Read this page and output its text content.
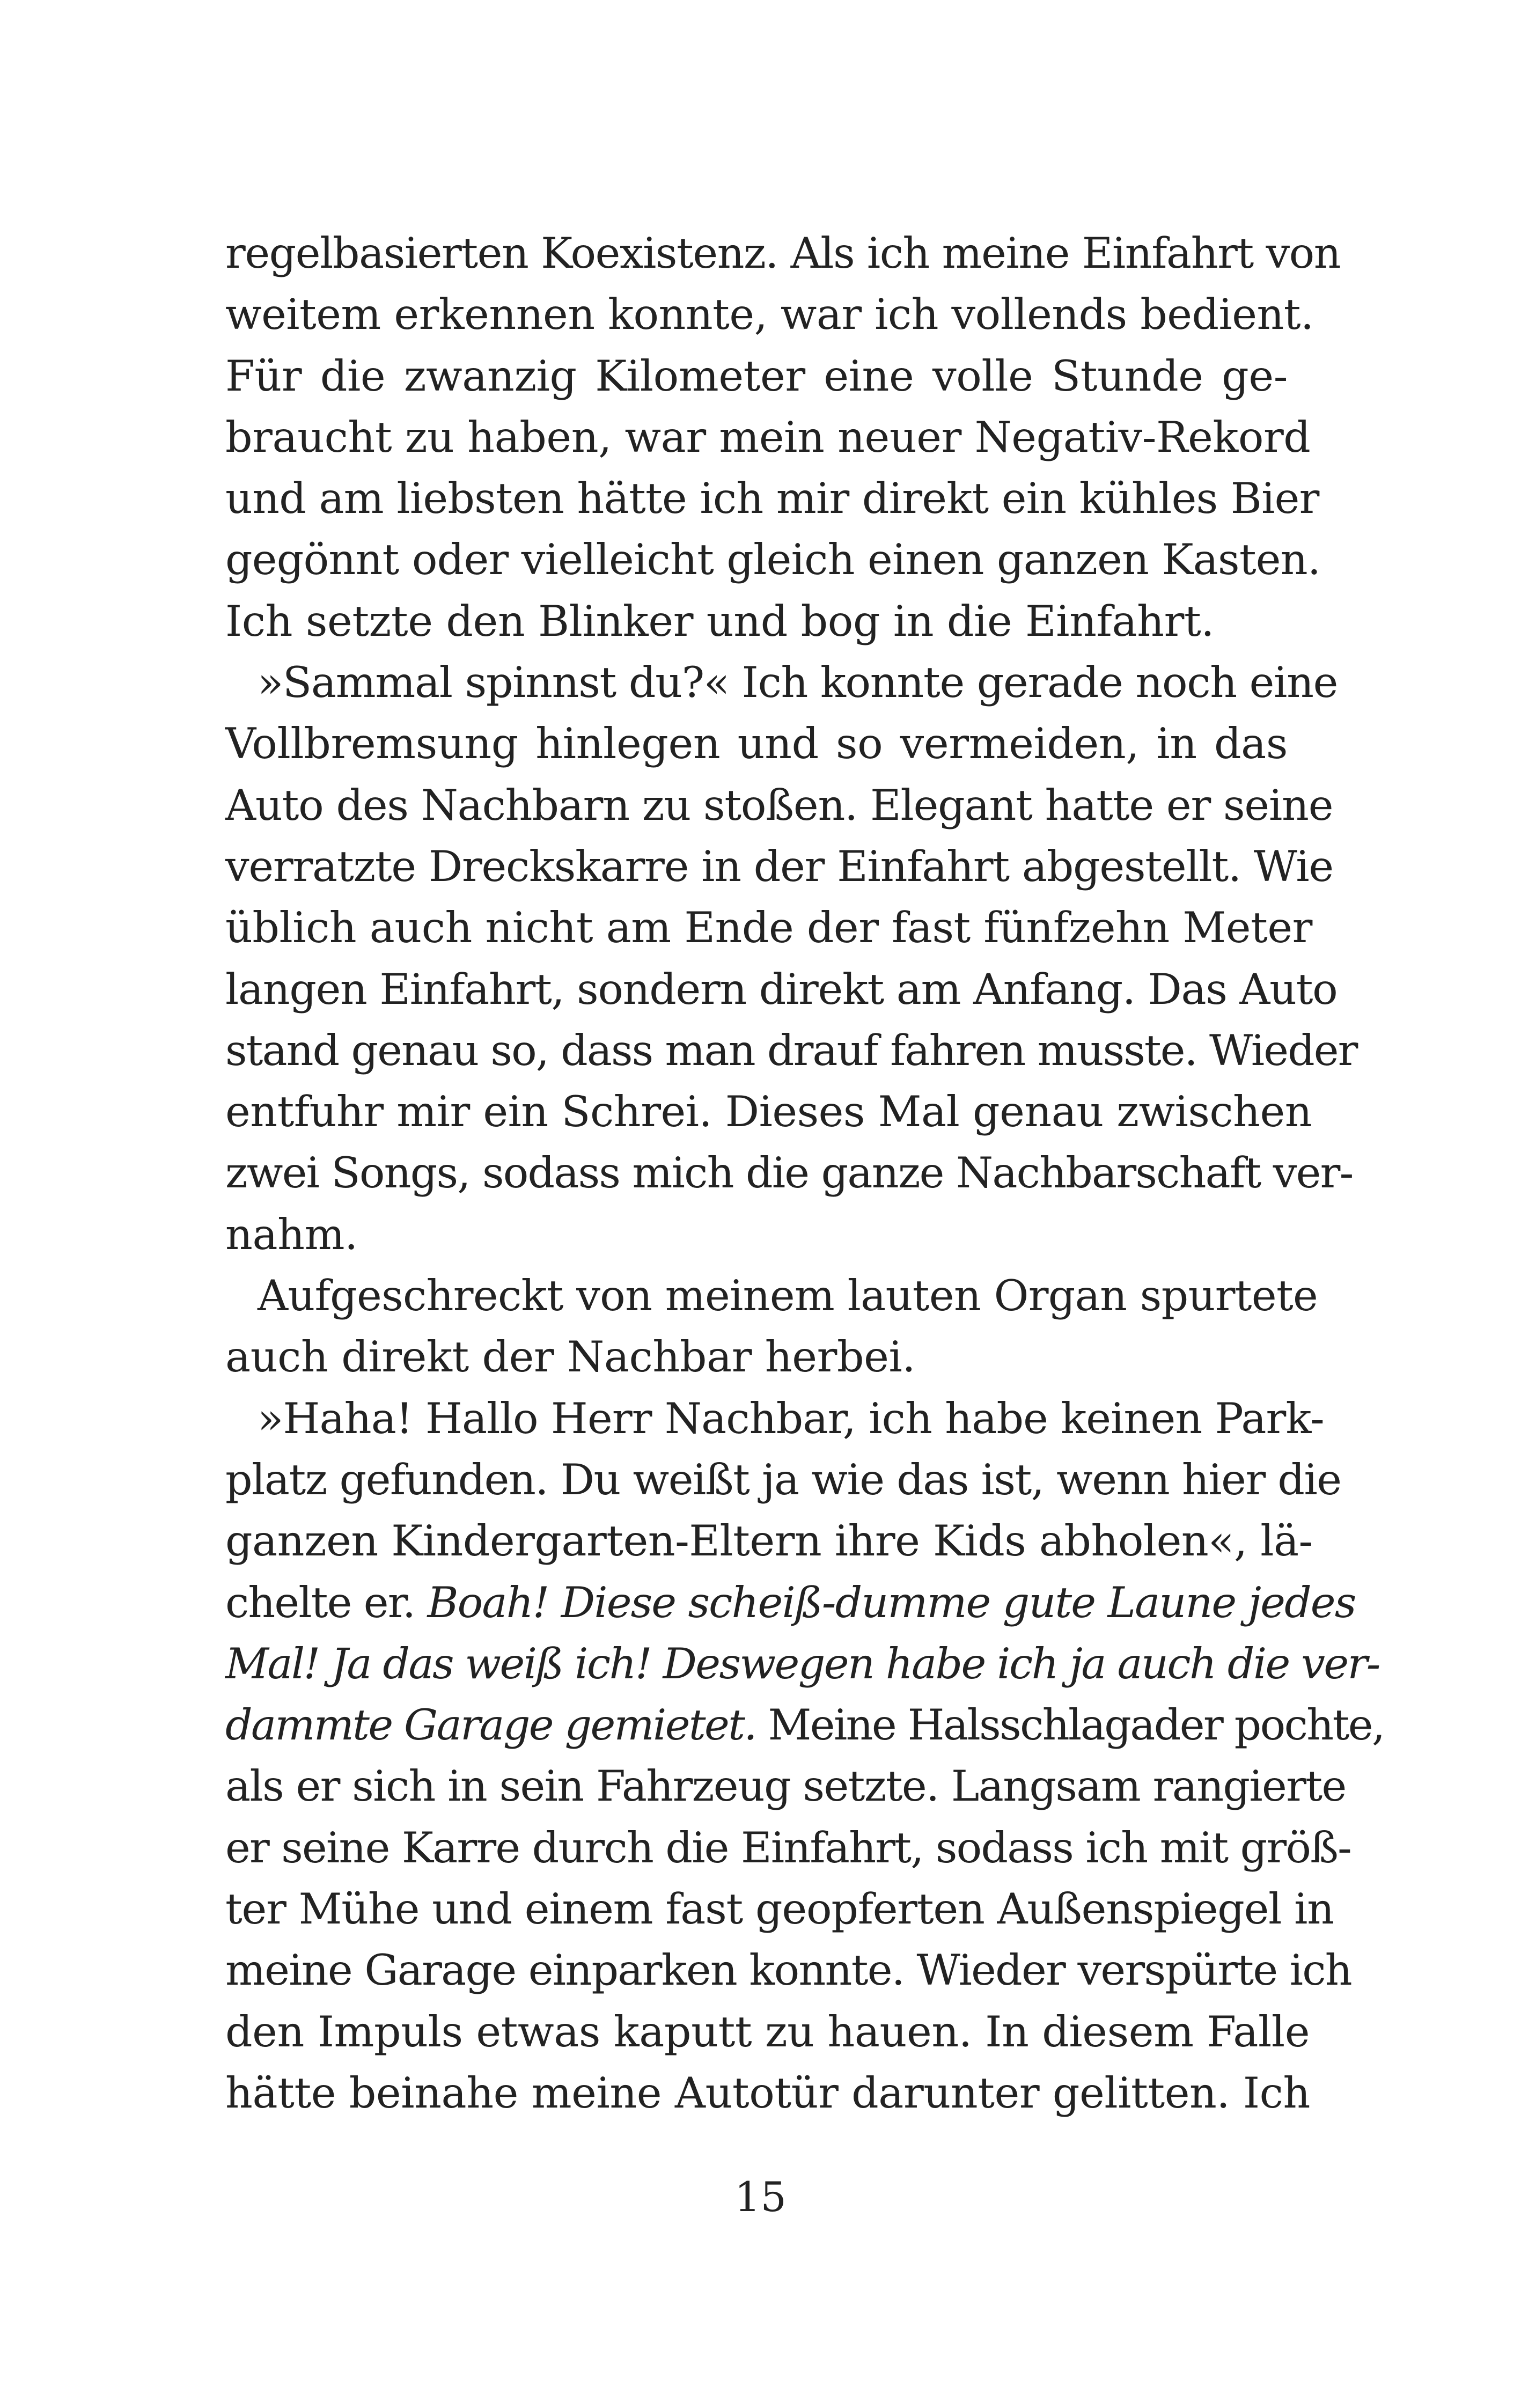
regelbasierten Koexistenz. Als ich meine Einfahrt von
weitem erkennen konnte, war ich vollends bedient.
Für die zwanzig Kilometer eine volle Stunde ge-
braucht zu haben, war mein neuer Negativ-Rekord
und am liebsten hätte ich mir direkt ein kühles Bier
gegönnt oder vielleicht gleich einen ganzen Kasten.
Ich setzte den Blinker und bog in die Einfahrt.
»Sammal spinnst du?« Ich konnte gerade noch eine
Vollbremsung hinlegen und so vermeiden, in das
Auto des Nachbarn zu stoßen. Elegant hatte er seine
verratzte Dreckskarre in der Einfahrt abgestellt. Wie
üblich auch nicht am Ende der fast fünfzehn Meter
langen Einfahrt, sondern direkt am Anfang. Das Auto
stand genau so, dass man drauf fahren musste. Wieder
entfuhr mir ein Schrei. Dieses Mal genau zwischen
zwei Songs, sodass mich die ganze Nachbarschaft ver-
nahm.
Aufgeschreckt von meinem lauten Organ spurtete
auch direkt der Nachbar herbei.
»Haha! Hallo Herr Nachbar, ich habe keinen Park-
platz gefunden. Du weißt ja wie das ist, wenn hier die
ganzen Kindergarten-Eltern ihre Kids abholen«, lä-
chelte er. Boah! Diese scheiß-dumme gute Laune jedes
Mal! Ja das weiß ich! Deswegen habe ich ja auch die ver-
dammte Garage gemietet. Meine Halsschlagader pochte,
als er sich in sein Fahrzeug setzte. Langsam rangierte
er seine Karre durch die Einfahrt, sodass ich mit größ-
ter Mühe und einem fast geopferten Außenspiegel in
meine Garage einparken konnte. Wieder verspürte ich
den Impuls etwas kaputt zu hauen. In diesem Falle
hätte beinahe meine Autotür darunter gelitten. Ich
15
